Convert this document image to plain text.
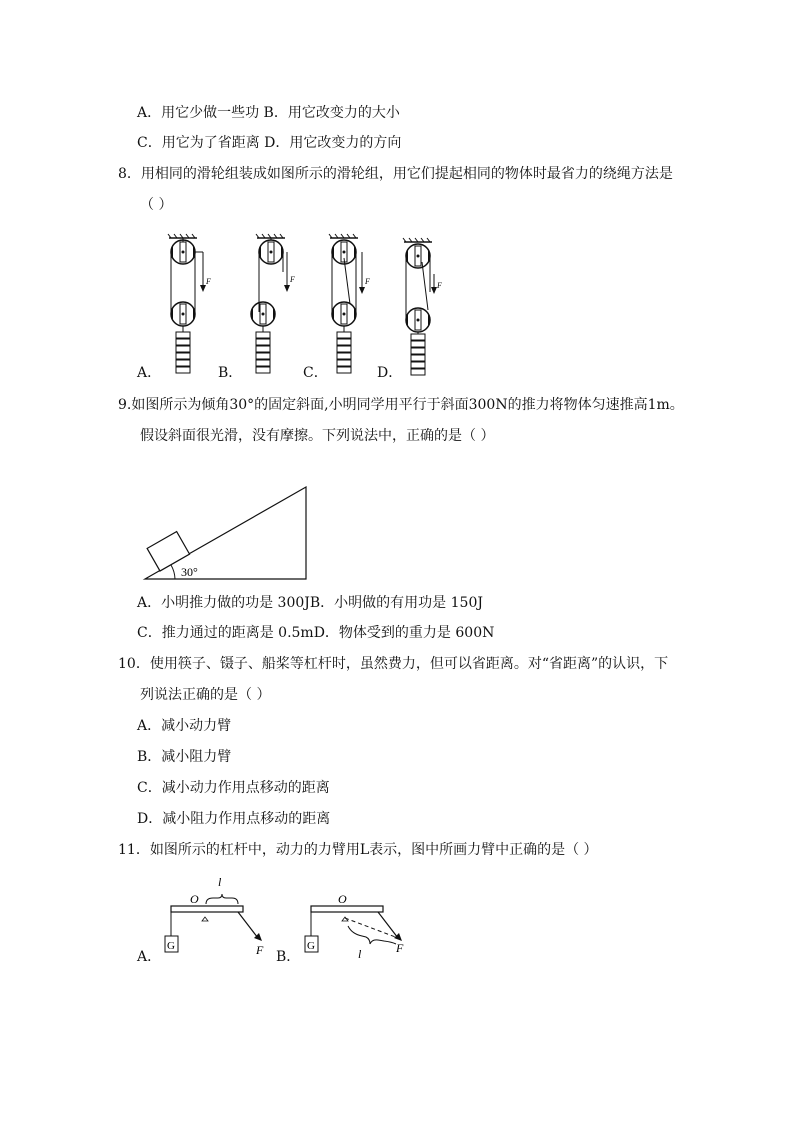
A．用它少做一些功 B．用它改变力的大小
C．用它为了省距离 D．用它改变力的方向
8．用相同的滑轮组装成如图所示的滑轮组，用它们提起相同的物体时最省力的绕绳方法是
（ ）
F	F	F	F
A．	B．	C．	D．
9.如图所示为倾角30°的固定斜面,小明同学用平行于斜面300N的推力将物体匀速推高1m。
假设斜面很光滑，没有摩擦。下列说法中，正确的是（ ）
30°
A．小明推力做的功是 300JB．小明做的有用功是 150J
C．推力通过的距离是 0.5mD．物体受到的重力是 600N
10．使用筷子、镊子、船桨等杠杆时，虽然费力，但可以省距离。对“省距离”的认识，下
列说法正确的是（ ）
A．减小动力臂
B．减小阻力臂
C．减小动力作用点移动的距离
D．减小阻力作用点移动的距离
11．如图所示的杠杆中，动力的力臂用L表示，图中所画力臂中正确的是（ ）
G
O
l
F	G
O
l	F
A．	B．
